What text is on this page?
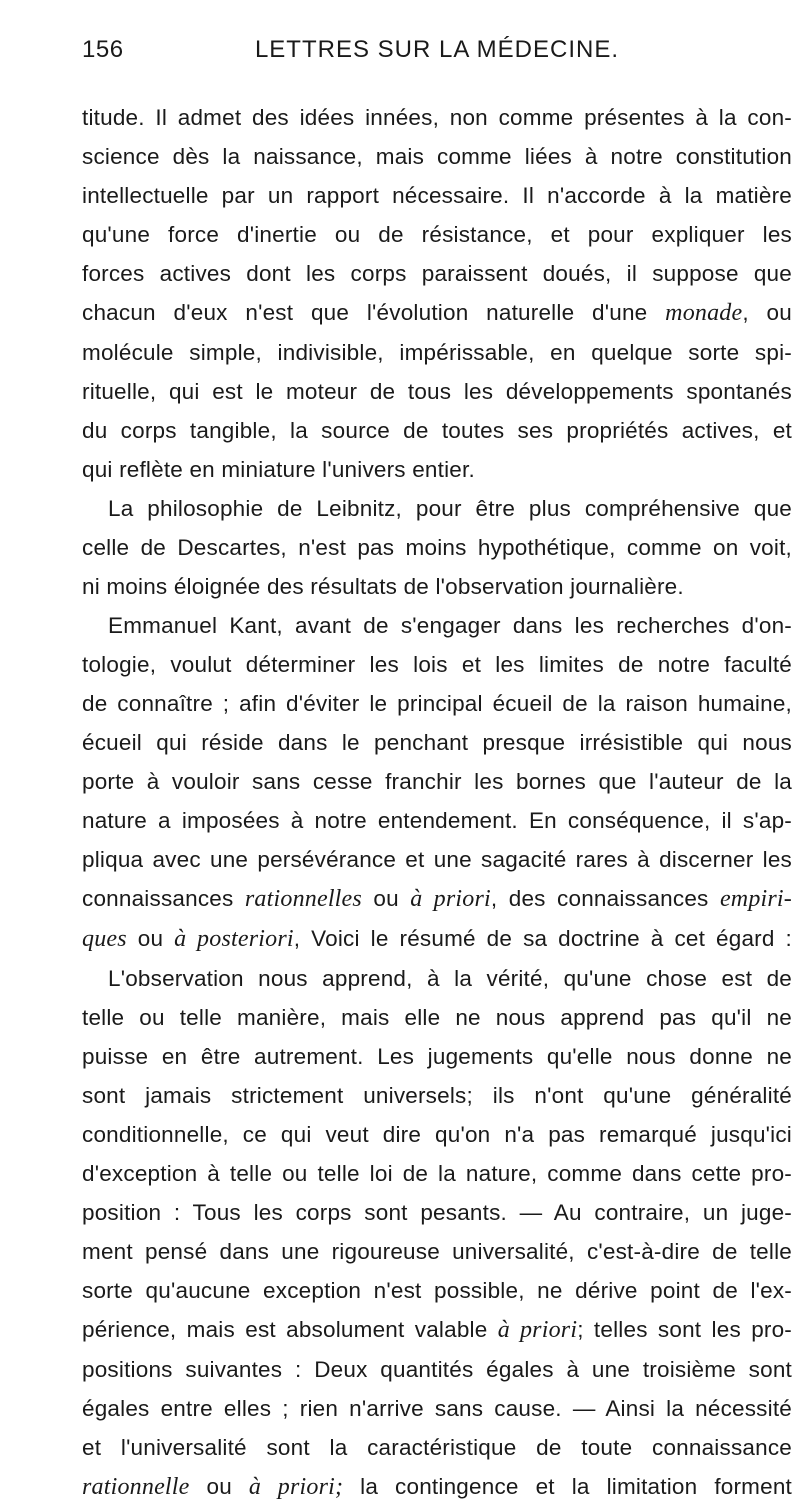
156	LETTRES SUR LA MÉDECINE.
titude. Il admet des idées innées, non comme présentes à la con-
science dès la naissance, mais comme liées à notre constitution
intellectuelle par un rapport nécessaire. Il n'accorde à la matière
qu'une force d'inertie ou de résistance, et pour expliquer les
forces actives dont les corps paraissent doués, il suppose que
chacun d'eux n'est que l'évolution naturelle d'une monade, ou
molécule simple, indivisible, impérissable, en quelque sorte spi-
rituelle, qui est le moteur de tous les développements spontanés
du corps tangible, la source de toutes ses propriétés actives, et
qui reflète en miniature l'univers entier.
La philosophie de Leibnitz, pour être plus compréhensive que
celle de Descartes, n'est pas moins hypothétique, comme on voit,
ni moins éloignée des résultats de l'observation journalière.
Emmanuel Kant, avant de s'engager dans les recherches d'on-
tologie, voulut déterminer les lois et les limites de notre faculté
de connaître ; afin d'éviter le principal écueil de la raison humaine,
écueil qui réside dans le penchant presque irrésistible qui nous
porte à vouloir sans cesse franchir les bornes que l'auteur de la
nature a imposées à notre entendement. En conséquence, il s'ap-
pliqua avec une persévérance et une sagacité rares à discerner les
connaissances rationnelles ou à priori, des connaissances empiri-
ques ou à posteriori, Voici le résumé de sa doctrine à cet égard :
L'observation nous apprend, à la vérité, qu'une chose est de
telle ou telle manière, mais elle ne nous apprend pas qu'il ne
puisse en être autrement. Les jugements qu'elle nous donne ne
sont jamais strictement universels; ils n'ont qu'une généralité
conditionnelle, ce qui veut dire qu'on n'a pas remarqué jusqu'ici
d'exception à telle ou telle loi de la nature, comme dans cette pro-
position : Tous les corps sont pesants. — Au contraire, un juge-
ment pensé dans une rigoureuse universalité, c'est-à-dire de telle
sorte qu'aucune exception n'est possible, ne dérive point de l'ex-
périence, mais est absolument valable à priori; telles sont les pro-
positions suivantes : Deux quantités égales à une troisième sont
égales entre elles ; rien n'arrive sans cause. — Ainsi la nécessité
et l'universalité sont la caractéristique de toute connaissance
rationnelle ou à priori; la contingence et la limitation forment
